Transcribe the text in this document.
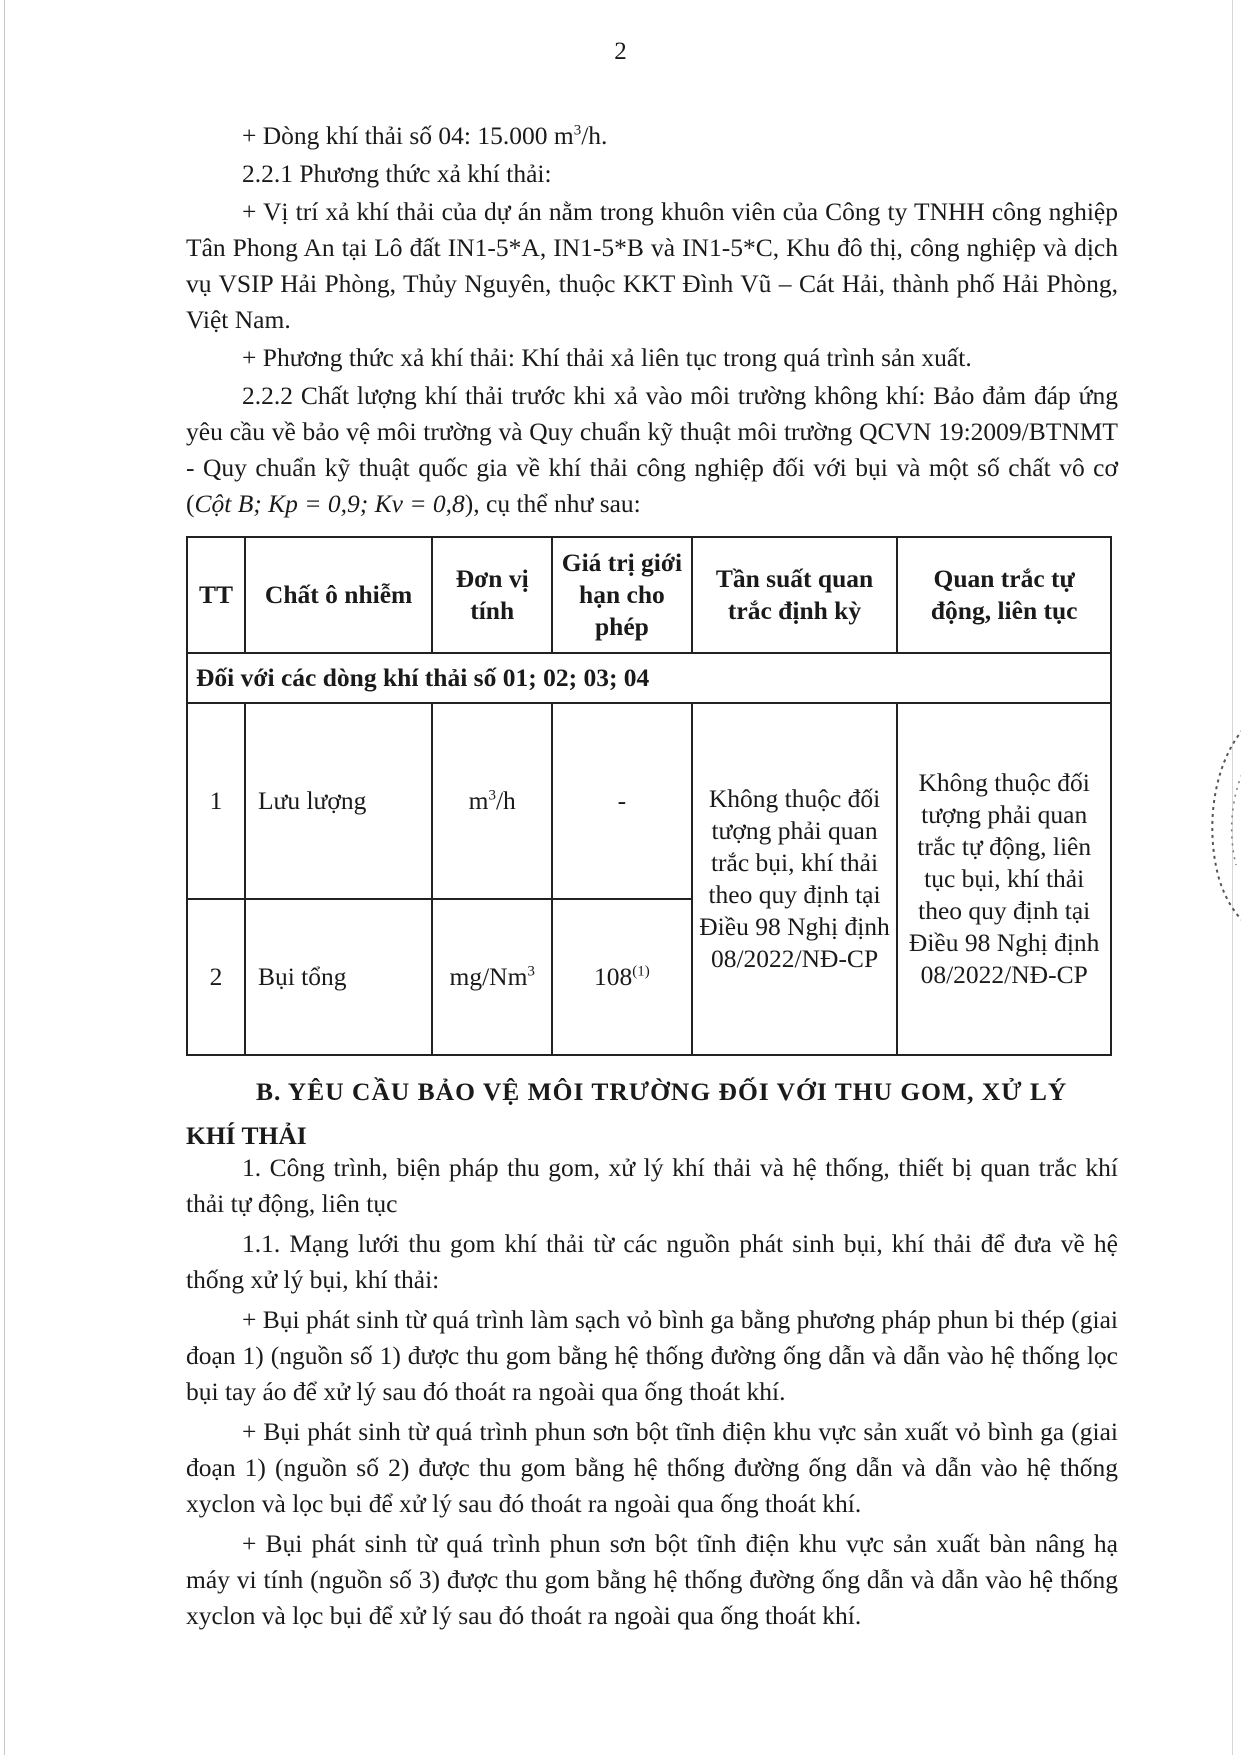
2

+ Dòng khí thải số 04: 15.000 $m^3/h$.

2.2.1 Phương thức xả khí thải:

+ Vị trí xả khí thải của dự án nằm trong khuôn viên của Công ty TNHH công nghiệp Tân Phong An tại Lô đất IN1-5*A, IN1-5*B và IN1-5*C, Khu đô thị, công nghiệp và dịch vụ VSIP Hải Phòng, Thủy Nguyên, thuộc KKT Đình Vũ – Cát Hải, thành phố Hải Phòng, Việt Nam.

+ Phương thức xả khí thải: Khí thải xả liên tục trong quá trình sản xuất.

2.2.2 Chất lượng khí thải trước khi xả vào môi trường không khí: Bảo đảm đáp ứng yêu cầu về bảo vệ môi trường và Quy chuẩn kỹ thuật môi trường QCVN 19:2009/BTNMT - Quy chuẩn kỹ thuật quốc gia về khí thải công nghiệp đối với bụi và một số chất vô cơ (Cột B; Kp = 0,9; Kv = 0,8), cụ thể như sau:

TT	Chất ô nhiễm	Đơn vị tính	Giá trị giới hạn cho phép	Tần suất quan trắc định kỳ	Quan trắc tự động, liên tục
Đối với các dòng khí thải số 01; 02; 03; 04					
1	Lưu lượng	$m^3/h$	-	Không thuộc đối tượng phải quan trắc bụi, khí thải theo quy định tại Điều 98 Nghị định 08/2022/NĐ-CP	Không thuộc đối tượng phải quan trắc tự động, liên tục bụi, khí thải theo quy định tại Điều 98 Nghị định 08/2022/NĐ-CP
2	Bụi tổng	mg/Nm$^3$	108$^{(1)}$
B. YÊU CẦU BẢO VỆ MÔI TRƯỜNG ĐỐI VỚI THU GOM, XỬ LÝ
KHÍ THẢI

1. Công trình, biện pháp thu gom, xử lý khí thải và hệ thống, thiết bị quan trắc khí thải tự động, liên tục

1.1. Mạng lưới thu gom khí thải từ các nguồn phát sinh bụi, khí thải để đưa về hệ thống xử lý bụi, khí thải:

+ Bụi phát sinh từ quá trình làm sạch vỏ bình ga bằng phương pháp phun bi thép (giai đoạn 1) (nguồn số 1) được thu gom bằng hệ thống đường ống dẫn và dẫn vào hệ thống lọc bụi tay áo để xử lý sau đó thoát ra ngoài qua ống thoát khí.

+ Bụi phát sinh từ quá trình phun sơn bột tĩnh điện khu vực sản xuất vỏ bình ga (giai đoạn 1) (nguồn số 2) được thu gom bằng hệ thống đường ống dẫn và dẫn vào hệ thống xyclon và lọc bụi để xử lý sau đó thoát ra ngoài qua ống thoát khí.

+ Bụi phát sinh từ quá trình phun sơn bột tĩnh điện khu vực sản xuất bàn nâng hạ máy vi tính (nguồn số 3) được thu gom bằng hệ thống đường ống dẫn và dẫn vào hệ thống xyclon và lọc bụi để xử lý sau đó thoát ra ngoài qua ống thoát khí.
